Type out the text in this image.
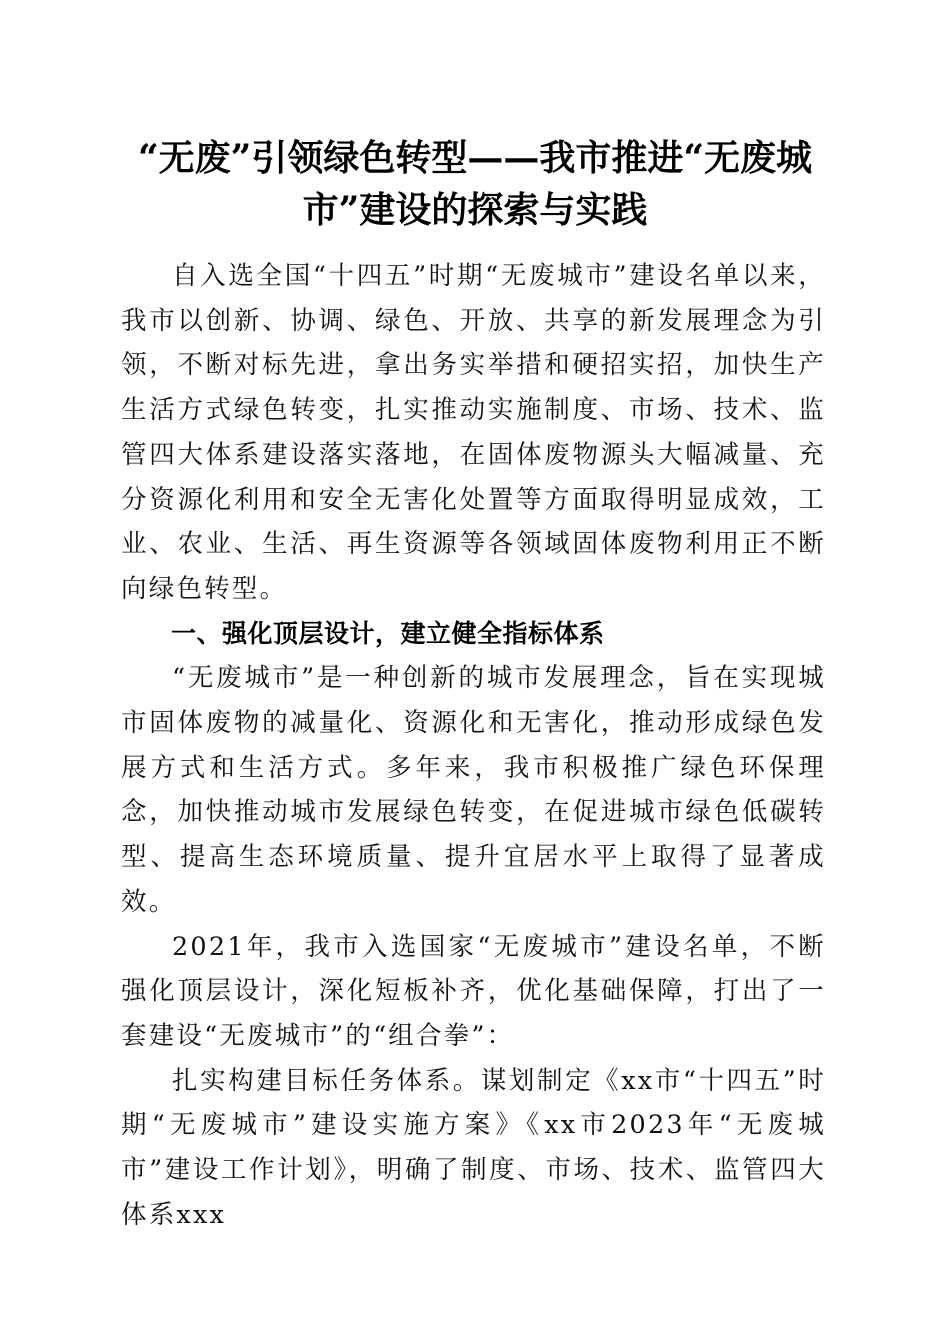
“无废”引领绿色转型——我市推进“无废城市”建设的探索与实践

自入选全国“十四五”时期“无废城市”建设名单以来，我市以创新、协调、绿色、开放、共享的新发展理念为引领，不断对标先进，拿出务实举措和硬招实招，加快生产生活方式绿色转变，扎实推动实施制度、市场、技术、监管四大体系建设落实落地，在固体废物源头大幅减量、充分资源化利用和安全无害化处置等方面取得明显成效，工业、农业、生活、再生资源等各领域固体废物利用正不断向绿色转型。

一、强化顶层设计，建立健全指标体系

“无废城市”是一种创新的城市发展理念，旨在实现城市固体废物的减量化、资源化和无害化，推动形成绿色发展方式和生活方式。多年来，我市积极推广绿色环保理念，加快推动城市发展绿色转变，在促进城市绿色低碳转型、提高生态环境质量、提升宜居水平上取得了显著成效。

2021年，我市入选国家“无废城市”建设名单，不断强化顶层设计，深化短板补齐，优化基础保障，打出了一套建设“无废城市”的“组合拳”：

扎实构建目标任务体系。谋划制定《xx市“十四五”时期“无废城市”建设实施方案》《xx市2023年“无废城市”建设工作计划》，明确了制度、市场、技术、监管四大体系xxx
